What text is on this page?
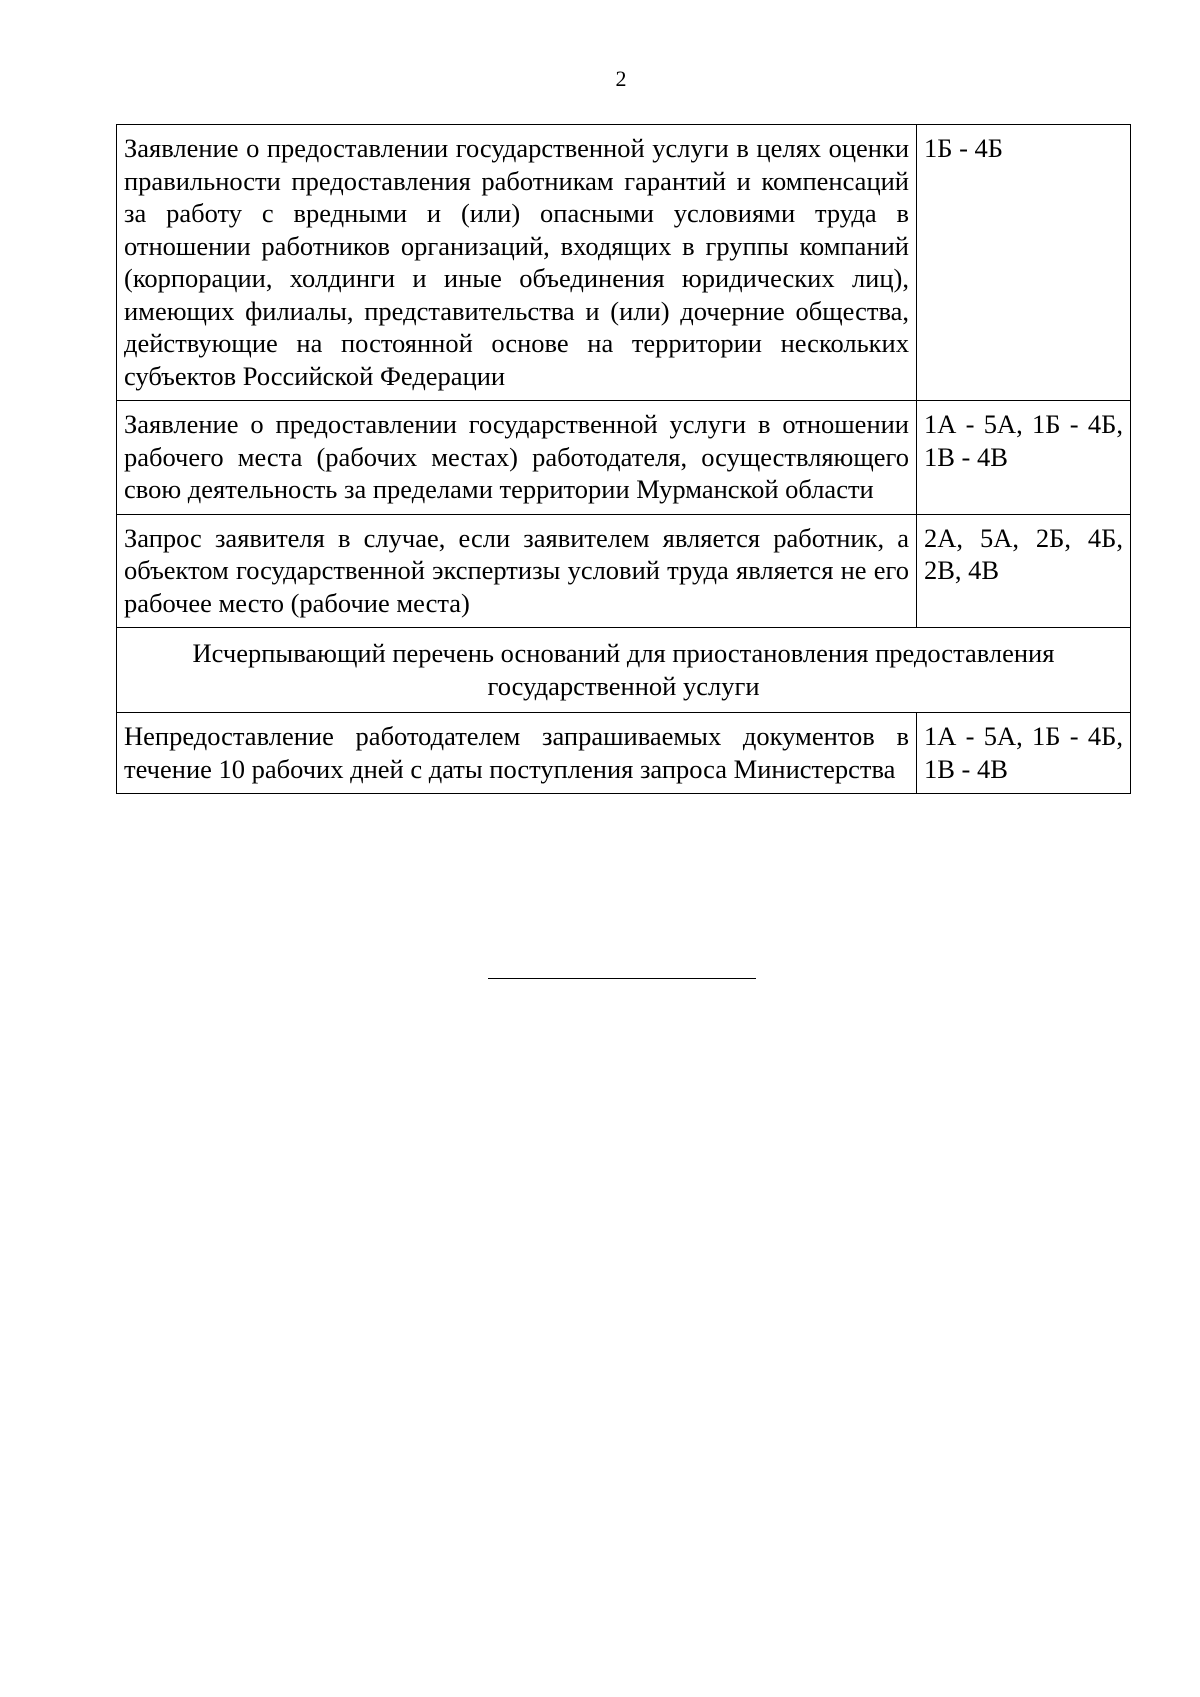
2
Заявление о предоставлении государственной услуги в целях оценки правильности предоставления работникам гарантий и компенсаций за работу с вредными и (или) опасными условиями труда в отношении работников организаций, входящих в группы компаний (корпорации, холдинги и иные объединения юридических лиц), имеющих филиалы, представительства и (или) дочерние общества, действующие на постоянной основе на территории нескольких субъектов Российской Федерации	1Б - 4Б
Заявление о предоставлении государственной услуги в отношении рабочего места (рабочих местах) работодателя, осуществляющего свою деятельность за пределами территории Мурманской области	1А - 5А, 1Б - 4Б, 1В - 4В
Запрос заявителя в случае, если заявителем является работник, а объектом государственной экспертизы условий труда является не его рабочее место (рабочие места)	2А, 5А, 2Б, 4Б, 2В, 4В
Исчерпывающий перечень оснований для приостановления предоставления государственной услуги	
Непредоставление работодателем запрашиваемых документов в течение 10 рабочих дней с даты поступления запроса Министерства	1А - 5А, 1Б - 4Б, 1В - 4В
